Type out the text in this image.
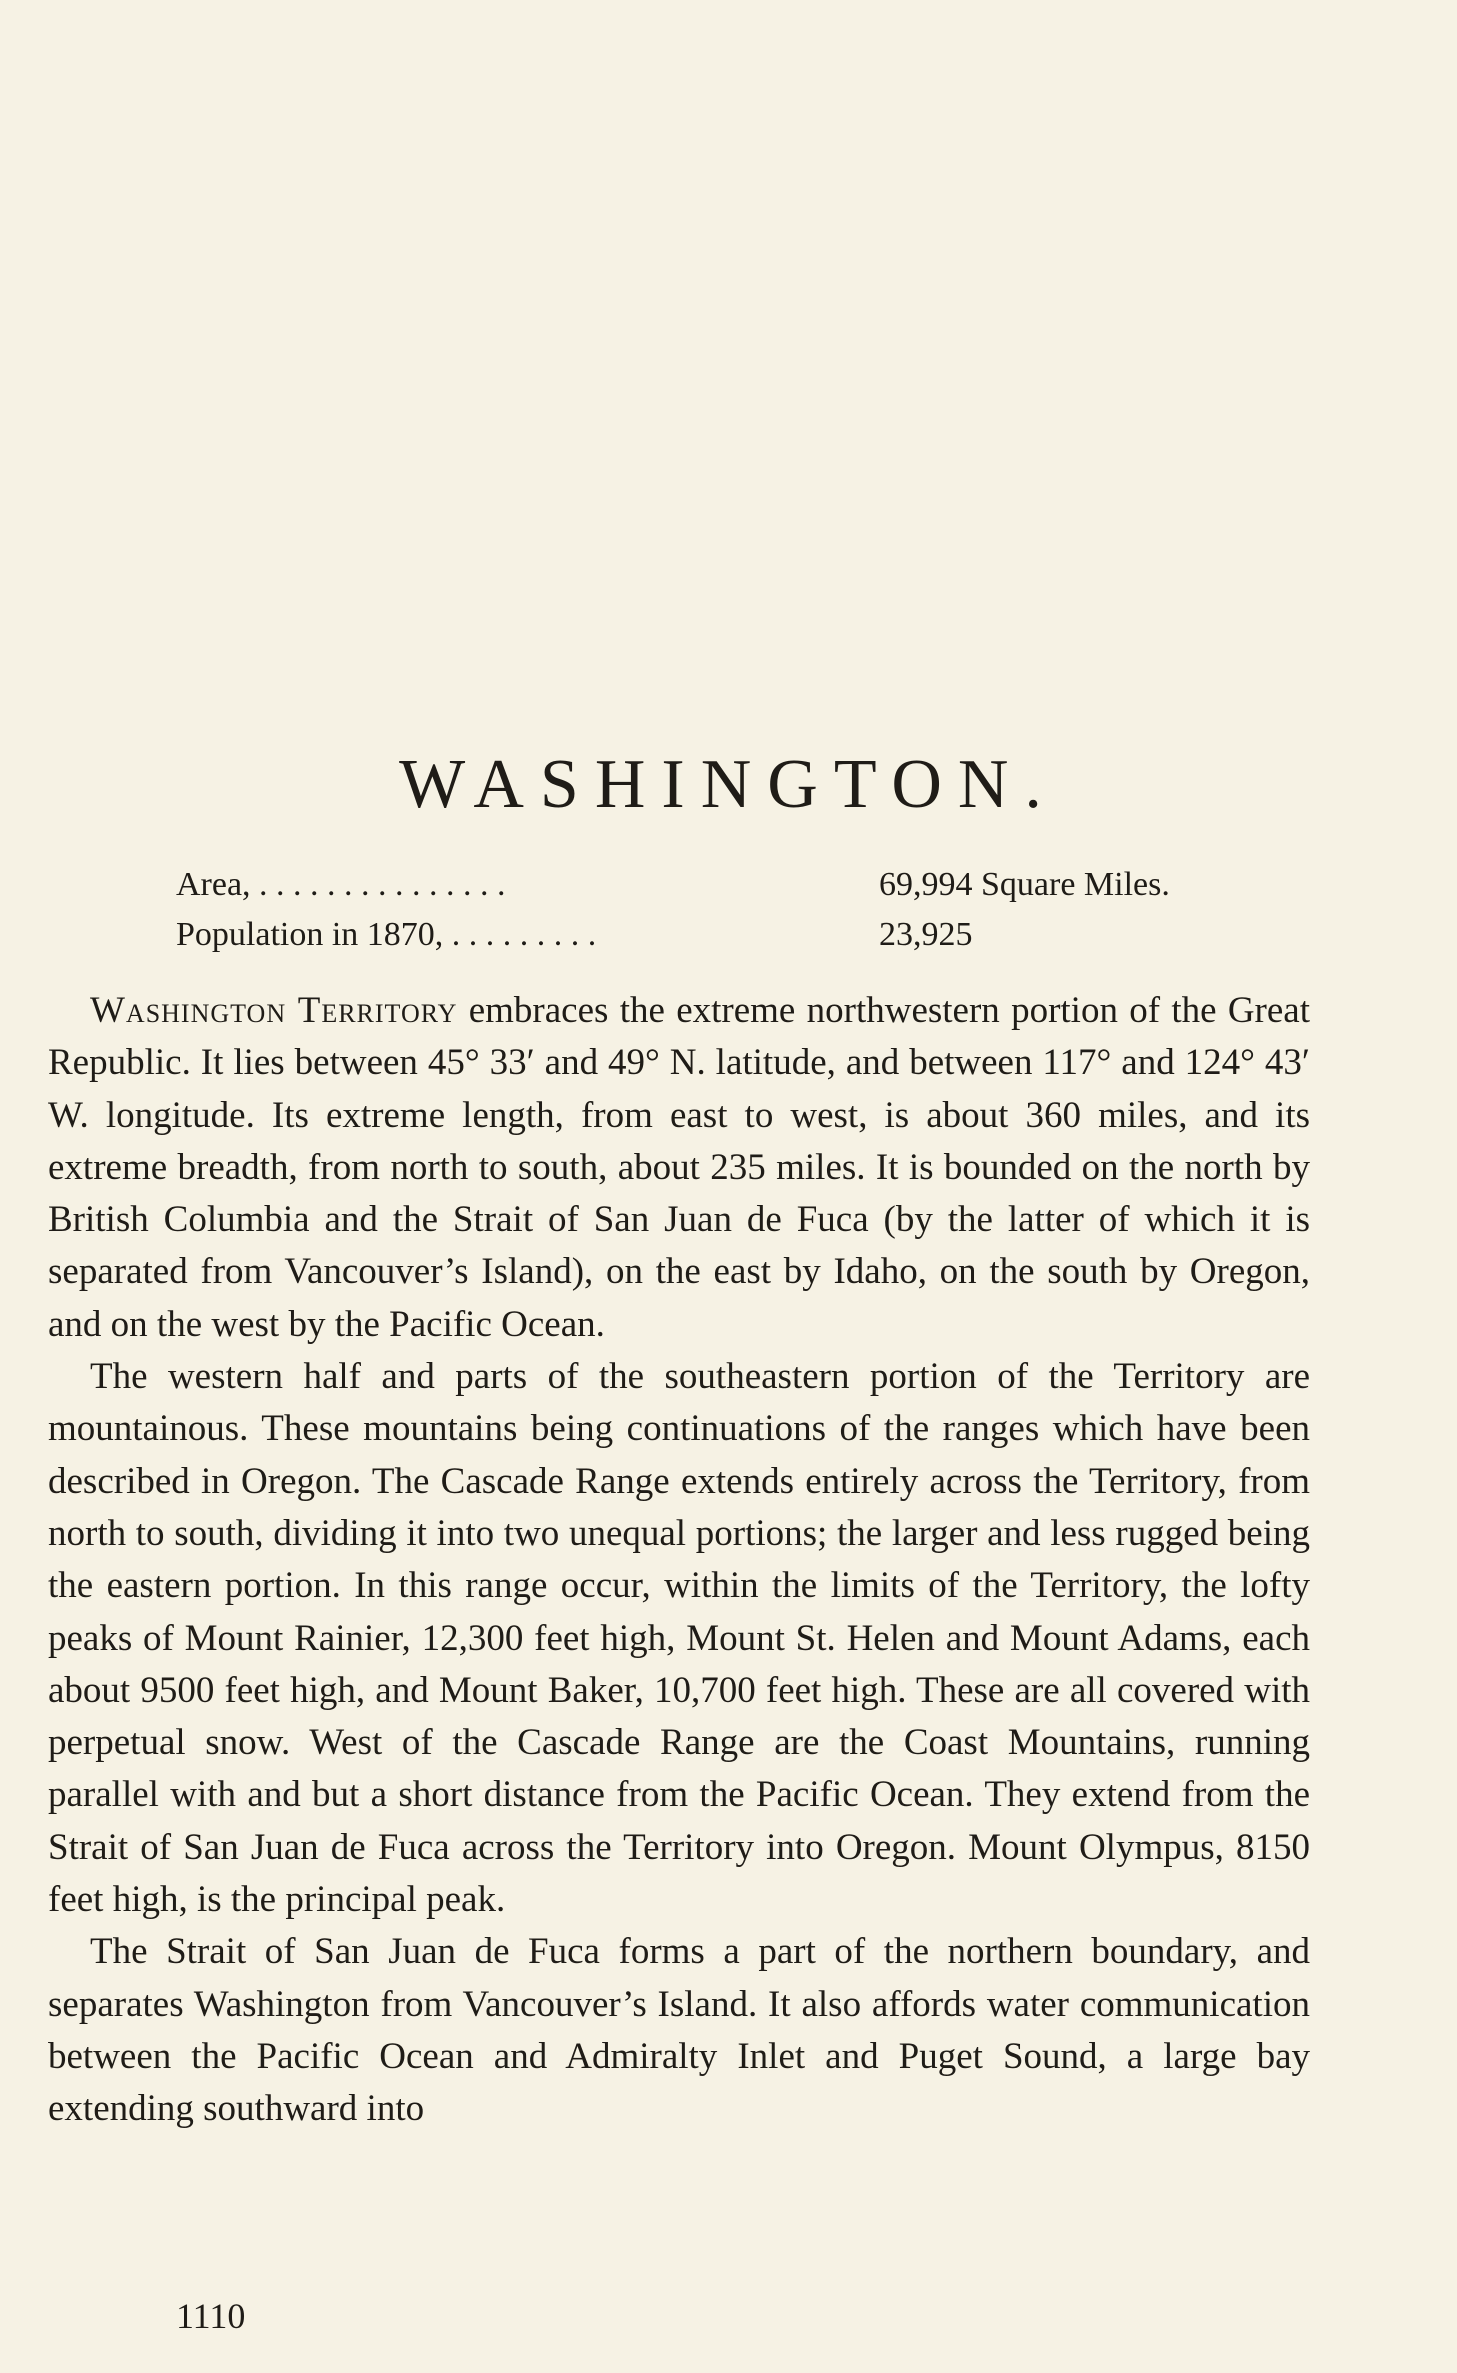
WASHINGTON.
Area, . . . . . . . . . . . . . . .	69,994 Square Miles.
Population in 1870, . . . . . . . . .	23,925

Washington Territory embraces the extreme northwestern portion of the Great Republic. It lies between 45° 33′ and 49° N. latitude, and between 117° and 124° 43′ W. longitude. Its extreme length, from east to west, is about 360 miles, and its extreme breadth, from north to south, about 235 miles. It is bounded on the north by British Columbia and the Strait of San Juan de Fuca (by the latter of which it is separated from Vancouver’s Island), on the east by Idaho, on the south by Oregon, and on the west by the Pacific Ocean.

The western half and parts of the southeastern portion of the Territory are mountainous. These mountains being continuations of the ranges which have been described in Oregon. The Cascade Range extends entirely across the Territory, from north to south, dividing it into two unequal portions; the larger and less rugged being the eastern portion. In this range occur, within the limits of the Territory, the lofty peaks of Mount Rainier, 12,300 feet high, Mount St. Helen and Mount Adams, each about 9500 feet high, and Mount Baker, 10,700 feet high. These are all covered with perpetual snow. West of the Cascade Range are the Coast Mountains, running parallel with and but a short distance from the Pacific Ocean. They extend from the Strait of San Juan de Fuca across the Territory into Oregon. Mount Olympus, 8150 feet high, is the principal peak.

The Strait of San Juan de Fuca forms a part of the northern boundary, and separates Washington from Vancouver’s Island. It also affords water communication between the Pacific Ocean and Admiralty Inlet and Puget Sound, a large bay extending southward into

1110
